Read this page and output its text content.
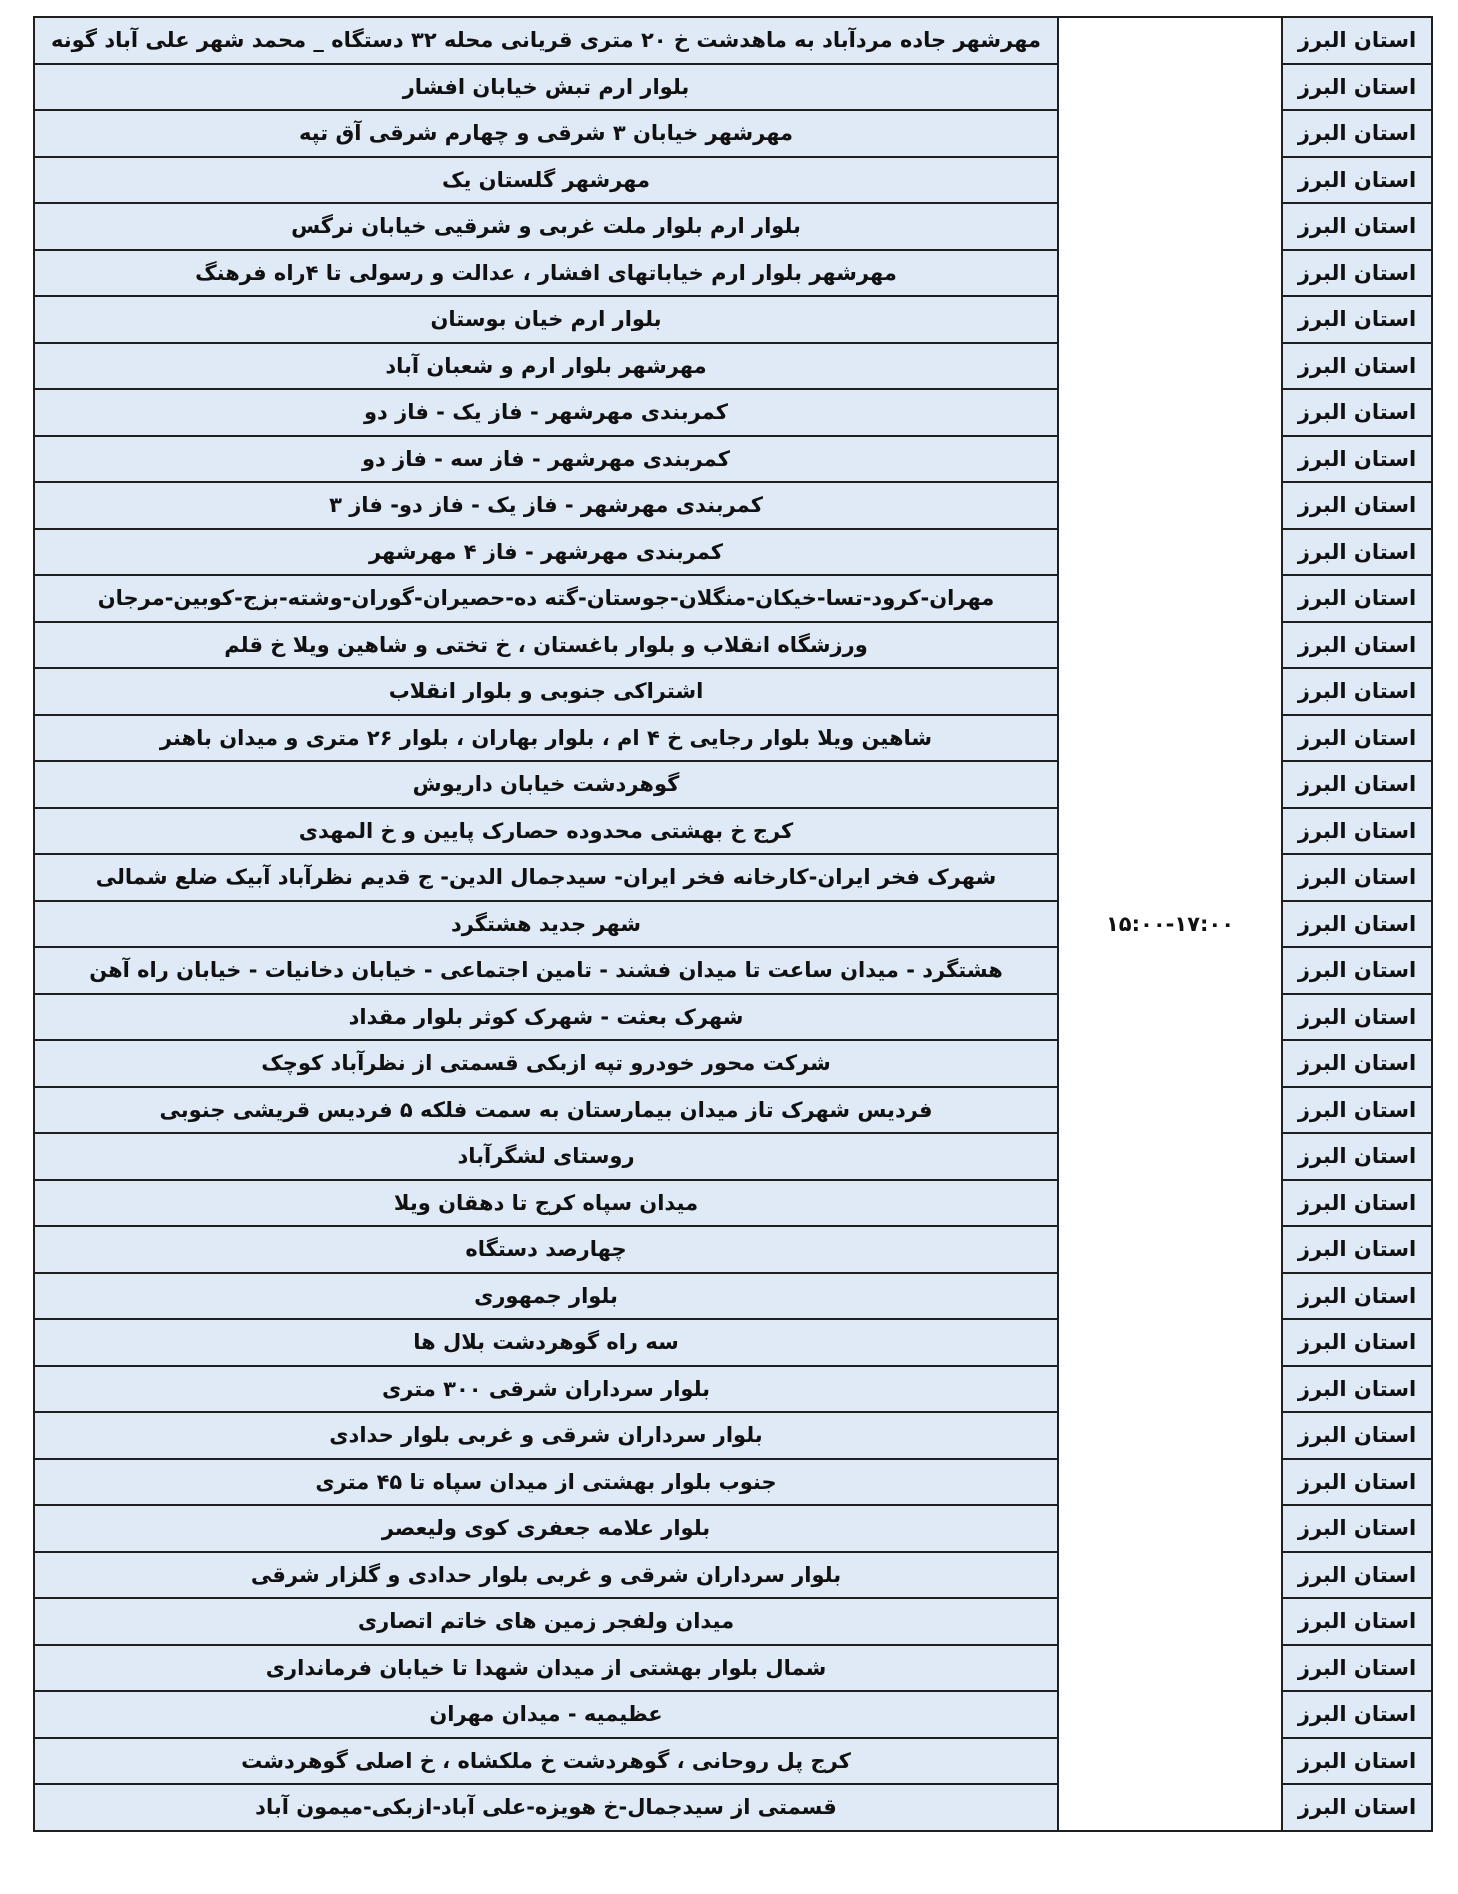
استان البرز	۱۵:۰۰-۱۷:۰۰	مهرشهر جاده مردآباد به ماهدشت خ ۲۰ متری قریانی محله ۳۲ دستگاه _ محمد شهر علی آباد گونه
استان البرز		بلوار ارم تبش خیابان افشار
استان البرز		مهرشهر خیابان ۳ شرقی و چهارم شرقی آق تپه
استان البرز		مهرشهر گلستان یک
استان البرز		بلوار ارم بلوار ملت غربی و شرقیی خیابان نرگس
استان البرز		مهرشهر بلوار ارم خیاباتهای افشار ، عدالت و رسولی تا ۴راه فرهنگ
استان البرز		بلوار ارم خیان بوستان
استان البرز		مهرشهر بلوار ارم و شعبان آباد
استان البرز		کمربندی مهرشهر - فاز یک - فاز دو
استان البرز		کمربندی مهرشهر - فاز سه - فاز دو
استان البرز		کمربندی مهرشهر - فاز یک - فاز دو- فاز ۳
استان البرز		کمربندی مهرشهر - فاز ۴ مهرشهر
استان البرز		مهران-کرود-تسا-خیکان-منگلان-جوستان-گته ده-حصیران-گوران-وشته-بزج-کوبین-مرجان
استان البرز		ورزشگاه انقلاب و بلوار باغستان ، خ تختی و شاهین ویلا خ قلم
استان البرز		اشتراکی جنوبی و بلوار انقلاب
استان البرز		شاهین ویلا بلوار رجایی خ ۴ ام ، بلوار بهاران ، بلوار ۲۶ متری و میدان باهنر
استان البرز		گوهردشت خیابان داریوش
استان البرز		کرج خ بهشتی محدوده حصارک پایین و خ المهدی
استان البرز		شهرک فخر ایران-کارخانه فخر ایران- سیدجمال الدین- ج قدیم نظرآباد آبیک ضلع شمالی
استان البرز		شهر جدید هشتگرد
استان البرز		هشتگرد - میدان ساعت تا میدان فشند - تامین اجتماعی - خیابان دخانیات - خیابان راه آهن
استان البرز		شهرک بعثت - شهرک کوثر بلوار مقداد
استان البرز		شرکت محور خودرو تپه ازبکی قسمتی از نظرآباد کوچک
استان البرز		فردیس شهرک تاز میدان بیمارستان به سمت فلکه ۵ فردیس قریشی جنوبی
استان البرز		روستای لشگرآباد
استان البرز		میدان سپاه کرج تا دهقان ویلا
استان البرز		چهارصد دستگاه
استان البرز		بلوار جمهوری
استان البرز		سه راه گوهردشت بلال ها
استان البرز		بلوار سرداران شرقی ۳۰۰ متری
استان البرز		بلوار سرداران شرقی و غربی بلوار حدادی
استان البرز		جنوب بلوار بهشتی از میدان سپاه تا ۴۵ متری
استان البرز		بلوار علامه جعفری کوی ولیعصر
استان البرز		بلوار سرداران شرقی و غربی بلوار حدادی و گلزار شرقی
استان البرز		میدان ولفجر زمین های خاتم اتصاری
استان البرز		شمال بلوار بهشتی از میدان شهدا تا خیابان فرمانداری
استان البرز		عظیمیه - میدان مهران
استان البرز		کرج پل روحانی ، گوهردشت خ ملکشاه ، خ اصلی گوهردشت
استان البرز		قسمتی از سیدجمال-خ هویزه-علی آباد-ازبکی-میمون آباد
